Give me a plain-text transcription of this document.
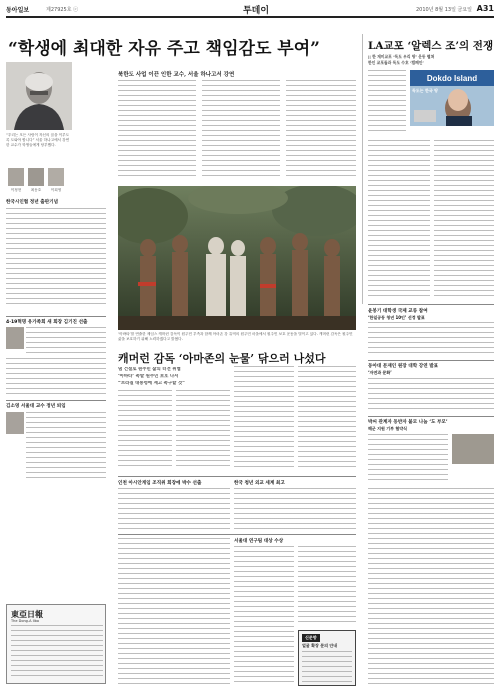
동아일보	제27925호 ⓒ	투데이	2010년 8월 13일 금요일 A31
“학생에 최대한 자유 주고 책임감도 부여”
북한도 사업 이끈 인한 교수, 서울 하나고서 강연
“우리는 모든 사람이 자신의 꿈을 이루도록 도와야 합니다” 서울 하나고에서 강연한 교수가 학생들에게 당부했다.
이정현	최동호	이희영
한국시인협 정년 출판기념
4·19혁명 유가족회 새 회장 김기진 선출
김소영 서울대 교수 정년 퇴임
東亞日報
The Dong-A Ilbo
LA교포 ‘알렉스 조’의 전쟁
|| 한 재미교포 ‘독도 우리 땅’ 운동 펼쳐
한인 교포들과 독도 수호 ‘캠페인’
Dokdo Island
독도는 한국 땅
‘아바타’를 연출한 제임스 캐머런 감독이 원주민 부족과 함께 아마존 강 유역의 원주민 마을에서 원주민 보호 운동을 벌이고 있다. 캐머런 감독은 원주민 삶을 보호하기 위해 노력하겠다고 밝혔다.
캐머런 감독 ‘아마존의 눈물’ 닦으러 나섰다
댐 건설로 원주민 삶의 터전 위협
‘아바타’ 촉발 원주민 보호 나서
“브라질 대통령에 재고 촉구할 것”
윤봉기 대학생 국제 교류 참여
‘한일공동 청년 10인’ 선정 발표
동아대 문재인 원장 대학 강연 발표
‘자연과 문화’
박씨 관계자 동반자 불모 나눔 ‘도 부모’
해군 지원 기부 협약식
인천 아시안게임 조직위 회장에 박수 선출	한국 청년 외교 세계 최고
서울대 연구팀 대상 수상
신문향
얼굴 확장 문의 안내
